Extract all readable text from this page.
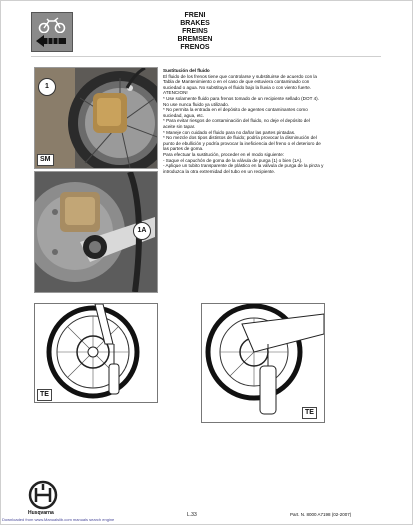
FRENI
BRAKES
FREINS
BREMSEN
FRENOS
1
SM
1A

Sustitución del fluido

El fluido de los frenos tiene que controlarse y substituirse de acuerdo con la

Tabla de Mantenimiento o en el caso de que estuviera contaminado con

suciedad o agua. No substituya el fluido bajo la lluvia o con viento fuerte.

ATENCION!

* Use solamente fluido para frenos tomado de un recipiente sellado (DOT 4).

No use nunca fluido ya utilizado.

* No permita la entrada en el depósito de agentes contaminantes como

suciedad, agua, etc.

* Para evitar riesgos de contaminación del fluido, no deje el depósito del

aceite sin tapar.

* Maneje con cuidado el fluido para no dañar las partes pintadas.

* No mezcle dos tipos distintos de fluido; podría provocar la disminución del

punto de ebullición y podría provocar la ineficiencia del freno o el deterioro de

las partes de goma.

Para efectuar la sustitución, proceder en el modo siguiente:

- Saque el capuchón de goma de la válvula de purga (1) o bien (1A).

- Aplique un tubito transparente de plástico en la válvula de purga de la pinza y

introduzca la otra extremidad del tubo en un recipiente.

TE
TE
Husqvarna	L.33	Part. N. 8000 A7198 (02-2007)
Downloaded from www.Manualslib.com manuals search engine
